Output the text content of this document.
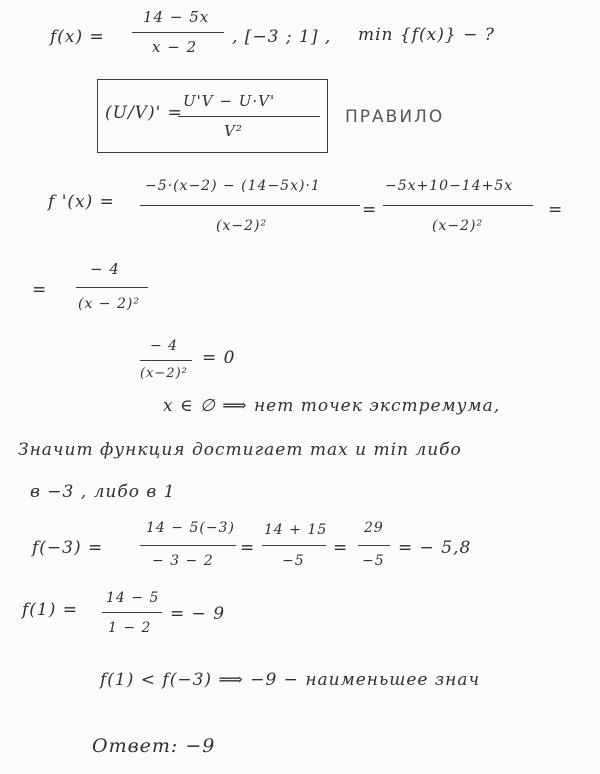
f(x) =
14 − 5x
x − 2 , [−3 ; 1] , min {f(x)} − ?
(U/V)' =
U'V − U·V'
V²
ПРАВИЛО
f '(x) =
−5·(x−2) − (14−5x)·1
(x−2)²
=
−5x+10−14+5x
(x−2)²
=
=
− 4
(x − 2)²
− 4
(x−2)²
= 0
x ∈ ∅ ⟹ нет точек экстремума,
Значит функция достигает max и min либо
в −3 , либо в 1
f(−3) =
14 − 5(−3)
− 3 − 2
=
14 + 15
−5
=
29
−5
= − 5,8
f(1) =
14 − 5
1 − 2
= − 9
f(1) < f(−3) ⟹ −9 − наименьшее знач
Ответ: −9
